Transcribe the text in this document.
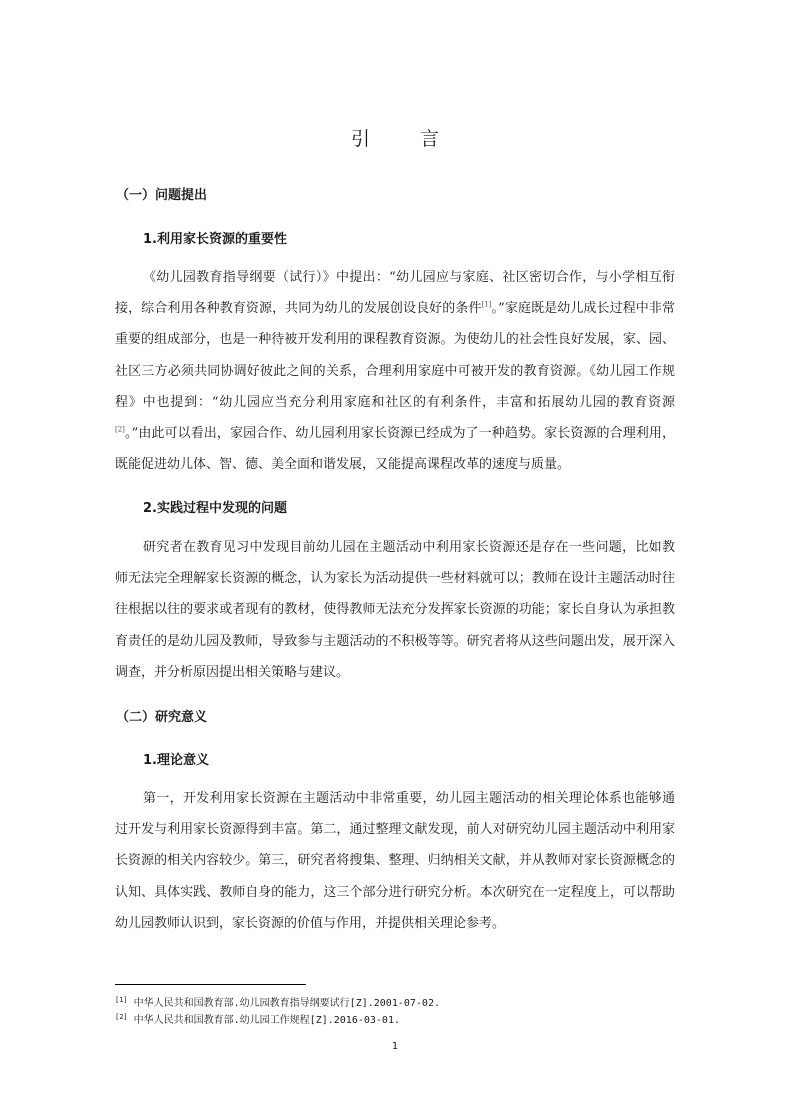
引 言
（一）问题提出
1.利用家长资源的重要性

《幼儿园教育指导纲要（试行）》中提出：“幼儿园应与家庭、社区密切合作，与小学相互衔接，综合利用各种教育资源，共同为幼儿的发展创设良好的条件[1]。”家庭既是幼儿成长过程中非常重要的组成部分，也是一种待被开发利用的课程教育资源。为使幼儿的社会性良好发展，家、园、社区三方必须共同协调好彼此之间的关系，合理利用家庭中可被开发的教育资源。《幼儿园工作规程》中也提到：“幼儿园应当充分利用家庭和社区的有利条件，丰富和拓展幼儿园的教育资源[2]。”由此可以看出，家园合作、幼儿园利用家长资源已经成为了一种趋势。家长资源的合理利用，既能促进幼儿体、智、德、美全面和谐发展，又能提高课程改革的速度与质量。

2.实践过程中发现的问题

研究者在教育见习中发现目前幼儿园在主题活动中利用家长资源还是存在一些问题，比如教师无法完全理解家长资源的概念，认为家长为活动提供一些材料就可以；教师在设计主题活动时往往根据以往的要求或者现有的教材，使得教师无法充分发挥家长资源的功能；家长自身认为承担教育责任的是幼儿园及教师，导致参与主题活动的不积极等等。研究者将从这些问题出发，展开深入调查，并分析原因提出相关策略与建议。

（二）研究意义
1.理论意义

第一，开发利用家长资源在主题活动中非常重要，幼儿园主题活动的相关理论体系也能够通过开发与利用家长资源得到丰富。第二，通过整理文献发现，前人对研究幼儿园主题活动中利用家长资源的相关内容较少。第三，研究者将搜集、整理、归纳相关文献，并从教师对家长资源概念的认知、具体实践、教师自身的能力，这三个部分进行研究分析。本次研究在一定程度上，可以帮助幼儿园教师认识到，家长资源的价值与作用，并提供相关理论参考。

[1] 中华人民共和国教育部.幼儿园教育指导纲要试行[Z].2001-07-02.
[2] 中华人民共和国教育部.幼儿园工作规程[Z].2016-03-01.
1
